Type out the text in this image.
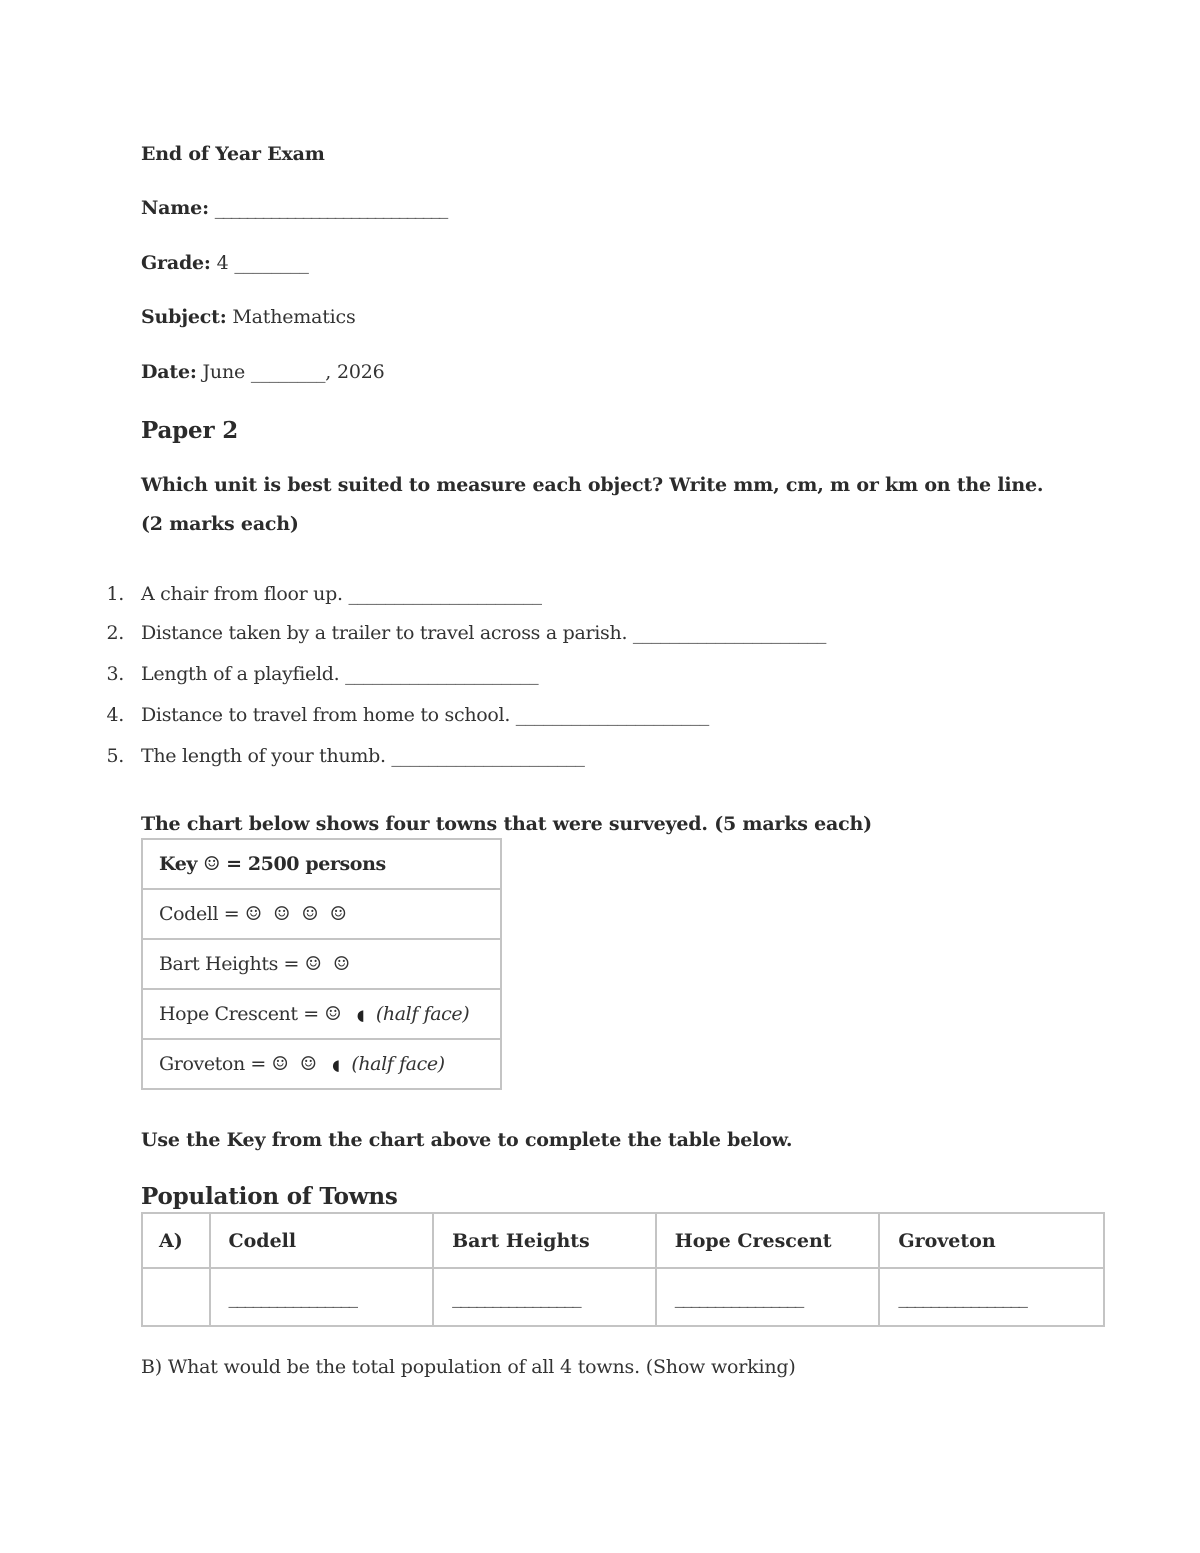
End of Year Exam
Name: _____________________________
Grade: 4 ________
Subject: Mathematics
Date: June ________, 2026
Paper 2
Which unit is best suited to measure each object? Write mm, cm, m or km on the line. (2 marks each)
1. A chair from floor up. _____________________
2. Distance taken by a trailer to travel across a parish. _____________________
3. Length of a playfield. _____________________
4. Distance to travel from home to school. _____________________
5. The length of your thumb. _____________________
The chart below shows four towns that were surveyed. (5 marks each)
Key ☺ = 2500 persons
Codell = ☺ ☺ ☺ ☺
Bart Heights = ☺ ☺
Hope Crescent = ☺ ◖ (half face)
Groveton = ☺ ☺ ◖ (half face)
Use the Key from the chart above to complete the table below.
Population of Towns
A)	Codell	Bart Heights	Hope Crescent	Groveton
	________________	________________	________________	________________
B) What would be the total population of all 4 towns. (Show working)
